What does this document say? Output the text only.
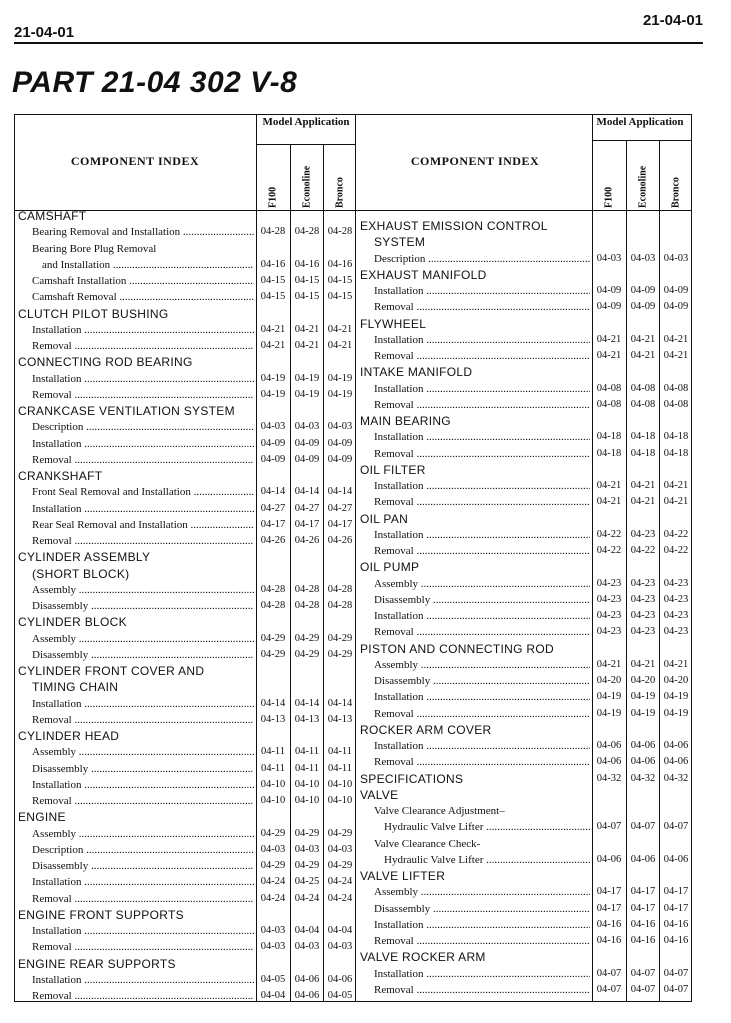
21-04-01
21-04-01
PART 21-04 302 V-8
COMPONENT INDEX
Model Application
F100 Econoline Bronco
COMPONENT INDEX
Model Application
F100 Econoline Bronco
CAMSHAFT
Bearing Removal and Installation .....	04-28 04-28 04-28
Bearing Bore Plug Removal
and Installation .....	04-16 04-16 04-16
Camshaft Installation .....	04-15 04-15 04-15
Camshaft Removal .....	04-15 04-15 04-15
CLUTCH PILOT BUSHING
Installation .....	04-21 04-21 04-21
Removal .....	04-21 04-21 04-21
CONNECTING ROD BEARING
Installation .....	04-19 04-19 04-19
Removal .....	04-19 04-19 04-19
CRANKCASE VENTILATION SYSTEM
Description .....	04-03 04-03 04-03
Installation .....	04-09 04-09 04-09
Removal .....	04-09 04-09 04-09
CRANKSHAFT
Front Seal Removal and Installation .....	04-14 04-14 04-14
Installation .....	04-27 04-27 04-27
Rear Seal Removal and Installation .....	04-17 04-17 04-17
Removal .....	04-26 04-26 04-26
CYLINDER ASSEMBLY
(SHORT BLOCK)
Assembly .....	04-28 04-28 04-28
Disassembly .....	04-28 04-28 04-28
CYLINDER BLOCK
Assembly .....	04-29 04-29 04-29
Disassembly .....	04-29 04-29 04-29
CYLINDER FRONT COVER AND
TIMING CHAIN
Installation .....	04-14 04-14 04-14
Removal .....	04-13 04-13 04-13
CYLINDER HEAD
Assembly .....	04-11 04-11 04-11
Disassembly .....	04-11 04-11 04-11
Installation .....	04-10 04-10 04-10
Removal .....	04-10 04-10 04-10
ENGINE
Assembly .....	04-29 04-29 04-29
Description .....	04-03 04-03 04-03
Disassembly .....	04-29 04-29 04-29
Installation .....	04-24 04-25 04-24
Removal .....	04-24 04-24 04-24
ENGINE FRONT SUPPORTS
Installation .....	04-03 04-04 04-04
Removal .....	04-03 04-03 04-03
ENGINE REAR SUPPORTS
Installation .....	04-05 04-06 04-06
Removal .....	04-04 04-06 04-05
EXHAUST EMISSION CONTROL
SYSTEM
Description .....	04-03 04-03 04-03
EXHAUST MANIFOLD
Installation .....	04-09 04-09 04-09
Removal .....	04-09 04-09 04-09
FLYWHEEL
Installation .....	04-21 04-21 04-21
Removal .....	04-21 04-21 04-21
INTAKE MANIFOLD
Installation .....	04-08 04-08 04-08
Removal .....	04-08 04-08 04-08
MAIN BEARING
Installation .....	04-18 04-18 04-18
Removal .....	04-18 04-18 04-18
OIL FILTER
Installation .....	04-21 04-21 04-21
Removal .....	04-21 04-21 04-21
OIL PAN
Installation .....	04-22 04-23 04-22
Removal .....	04-22 04-22 04-22
OIL PUMP
Assembly .....	04-23 04-23 04-23
Disassembly .....	04-23 04-23 04-23
Installation .....	04-23 04-23 04-23
Removal .....	04-23 04-23 04-23
PISTON AND CONNECTING ROD
Assembly .....	04-21 04-21 04-21
Disassembly .....	04-20 04-20 04-20
Installation .....	04-19 04-19 04-19
Removal .....	04-19 04-19 04-19
ROCKER ARM COVER
Installation .....	04-06 04-06 04-06
Removal .....	04-06 04-06 04-06
SPECIFICATIONS	04-32 04-32 04-32
VALVE
Valve Clearance Adjustment–
Hydraulic Valve Lifter .....	04-07 04-07 04-07
Valve Clearance Check-
Hydraulic Valve Lifter .....	04-06 04-06 04-06
VALVE LIFTER
Assembly .....	04-17 04-17 04-17
Disassembly .....	04-17 04-17 04-17
Installation .....	04-16 04-16 04-16
Removal .....	04-16 04-16 04-16
VALVE ROCKER ARM
Installation .....	04-07 04-07 04-07
Removal .....	04-07 04-07 04-07
